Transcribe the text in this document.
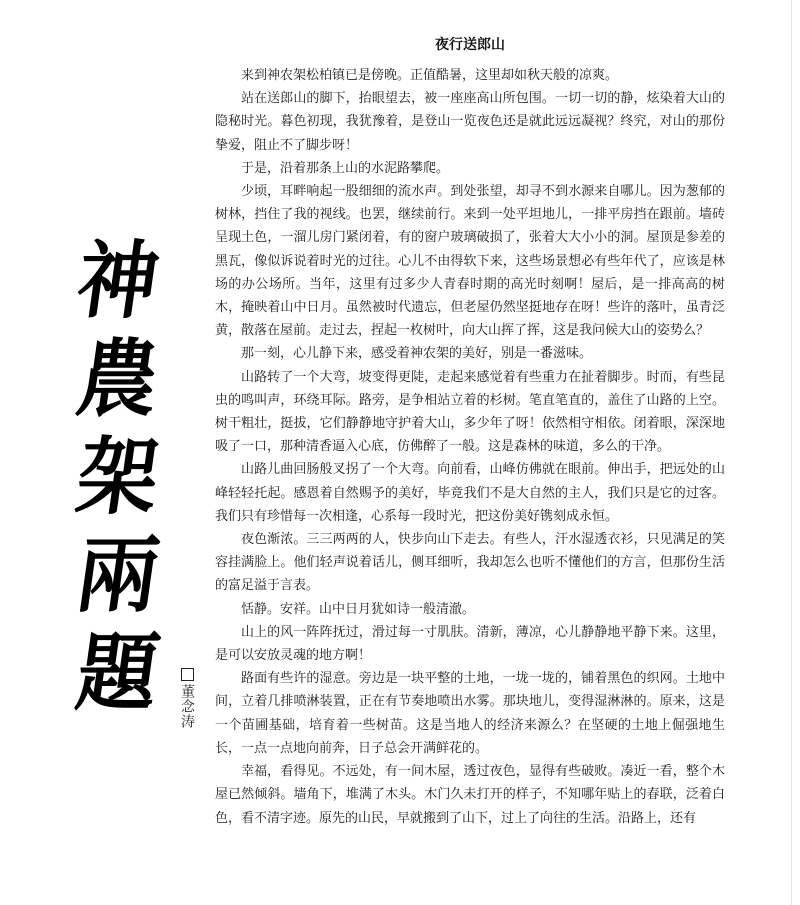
神
農
架
兩
題 董念涛
夜行送郎山

来到神农架松柏镇已是傍晚。正值酷暑，这里却如秋天般的凉爽。

站在送郎山的脚下，抬眼望去，被一座座高山所包围。一切一切的静，炫染着大山的隐秘时光。暮色初现，我犹豫着，是登山一览夜色还是就此远远凝视？终究，对山的那份挚爱，阻止不了脚步呀！

于是，沿着那条上山的水泥路攀爬。

少顷，耳畔响起一股细细的流水声。到处张望，却寻不到水源来自哪儿。因为葱郁的树林，挡住了我的视线。也罢，继续前行。来到一处平坦地儿，一排平房挡在跟前。墙砖呈现土色，一溜儿房门紧闭着，有的窗户玻璃破损了，张着大大小小的洞。屋顶是参差的黑瓦，像似诉说着时光的过往。心儿不由得软下来，这些场景想必有些年代了，应该是林场的办公场所。当年，这里有过多少人青春时期的高光时刻啊！屋后，是一排高高的树木，掩映着山中日月。虽然被时代遗忘，但老屋仍然坚挺地存在呀！些许的落叶，虽青泛黄，散落在屋前。走过去，捏起一枚树叶，向大山挥了挥，这是我问候大山的姿势么？

那一刻，心儿静下来，感受着神农架的美好，别是一番滋味。

山路转了一个大弯，坡变得更陡，走起来感觉着有些重力在扯着脚步。时而，有些昆虫的鸣叫声，环绕耳际。路旁，是争相站立着的杉树。笔直笔直的，盖住了山路的上空。树干粗壮，挺拔，它们静静地守护着大山，多少年了呀！依然相守相依。闭着眼，深深地吸了一口，那种清香逼入心底，仿佛醉了一般。这是森林的味道，多么的干净。

山路儿曲回肠般叉拐了一个大弯。向前看，山峰仿佛就在眼前。伸出手，把远处的山峰轻轻托起。感恩着自然赐予的美好，毕竟我们不是大自然的主人，我们只是它的过客。我们只有珍惜每一次相逢，心系每一段时光，把这份美好镌刻成永恒。

夜色渐浓。三三两两的人，快步向山下走去。有些人，汗水湿透衣衫，只见满足的笑容挂满脸上。他们轻声说着话儿，侧耳细听，我却怎么也听不懂他们的方言，但那份生活的富足溢于言表。

恬静。安祥。山中日月犹如诗一般清澈。

山上的风一阵阵抚过，滑过每一寸肌肤。清新，薄凉，心儿静静地平静下来。这里，是可以安放灵魂的地方啊！

路面有些许的湿意。旁边是一块平整的土地，一垅一垅的，铺着黑色的织网。土地中间，立着几排喷淋装置，正在有节奏地喷出水雾。那块地儿，变得湿淋淋的。原来，这是一个苗圃基础，培育着一些树苗。这是当地人的经济来源么？在坚硬的土地上倔强地生长，一点一点地向前奔，日子总会开满鲜花的。

幸福，看得见。不远处，有一间木屋，透过夜色，显得有些破败。凑近一看，整个木屋已然倾斜。墙角下，堆满了木头。木门久未打开的样子，不知哪年贴上的春联，泛着白色，看不清字迹。原先的山民，早就搬到了山下，过上了向往的生活。沿路上，还有
